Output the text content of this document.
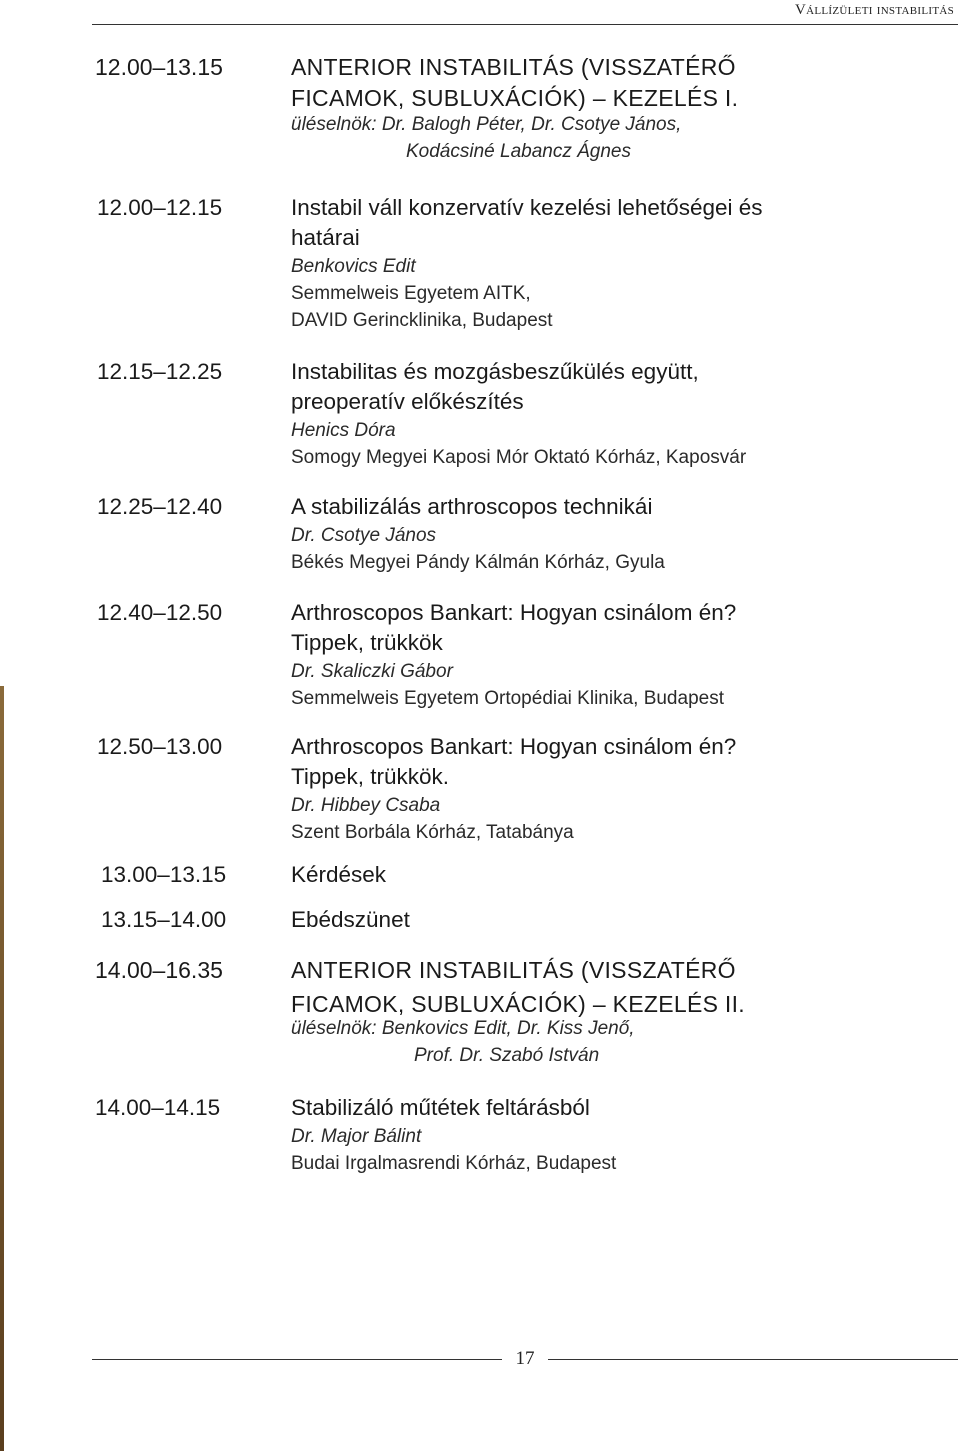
Vállízületi instabilitás
12.00–13.15	ANTERIOR INSTABILITÁS (VISSZATÉRŐ
FICAMOK, SUBLUXÁCIÓK) – KEZELÉS I.
üléselnök: Dr. Balogh Péter, Dr. Csotye János,
Kodácsiné Labancz Ágnes
12.00–12.15	Instabil váll konzervatív kezelési lehetőségei és
határai
Benkovics Edit
Semmelweis Egyetem AITK,
DAVID Gerincklinika, Budapest
12.15–12.25	Instabilitas és mozgásbeszűkülés együtt,
preoperatív előkészítés
Henics Dóra
Somogy Megyei Kaposi Mór Oktató Kórház, Kaposvár
12.25–12.40	A stabilizálás arthroscopos technikái
Dr. Csotye János
Békés Megyei Pándy Kálmán Kórház, Gyula
12.40–12.50	Arthroscopos Bankart: Hogyan csinálom én?
Tippek, trükkök
Dr. Skaliczki Gábor
Semmelweis Egyetem Ortopédiai Klinika, Budapest
12.50–13.00	Arthroscopos Bankart: Hogyan csinálom én?
Tippek, trükkök.
Dr. Hibbey Csaba
Szent Borbála Kórház, Tatabánya
13.00–13.15	Kérdések
13.15–14.00	Ebédszünet
14.00–16.35	ANTERIOR INSTABILITÁS (VISSZATÉRŐ
FICAMOK, SUBLUXÁCIÓK) – KEZELÉS II.
üléselnök: Benkovics Edit, Dr. Kiss Jenő,
Prof. Dr. Szabó István
14.00–14.15	Stabilizáló műtétek feltárásból
Dr. Major Bálint
Budai Irgalmasrendi Kórház, Budapest
17
